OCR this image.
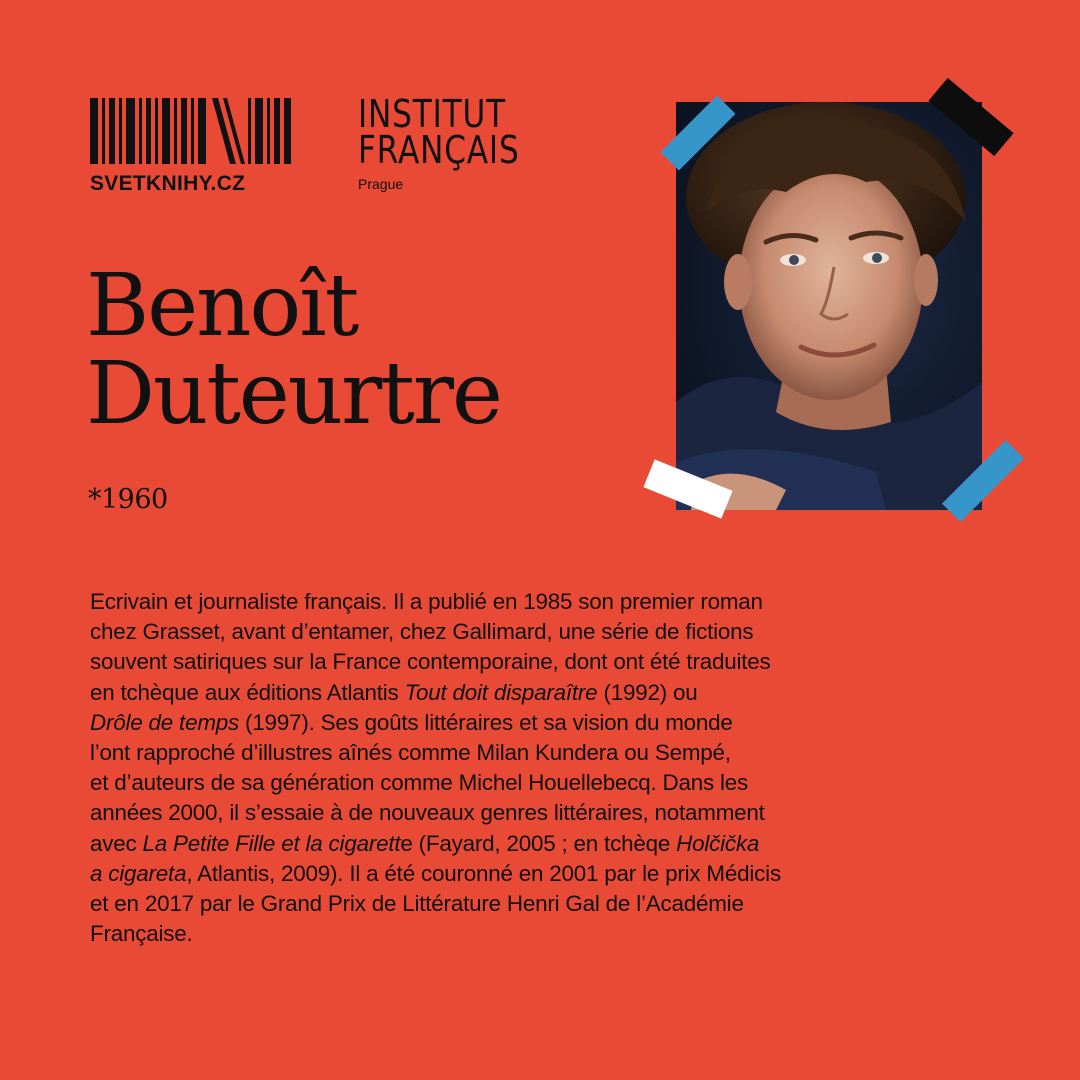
SVETKNIHY.CZ
INSTITUT
FRANÇAIS
Prague
Benoît
Duteurtre
*1960

Ecrivain et journaliste français. Il a publié en 1985 son premier roman
chez Grasset, avant d’entamer, chez Gallimard, une série de fictions
souvent satiriques sur la France contemporaine, dont ont été traduites
en tchèque aux éditions Atlantis Tout doit disparaître (1992) ou
Drôle de temps (1997). Ses goûts littéraires et sa vision du monde
l’ont rapproché d’illustres aînés comme Milan Kundera ou Sempé,
et d’auteurs de sa génération comme Michel Houellebecq. Dans les
années 2000, il s’essaie à de nouveaux genres littéraires, notamment
avec La Petite Fille et la cigarette (Fayard, 2005 ; en tchèqe Holčička
a cigareta, Atlantis, 2009). Il a été couronné en 2001 par le prix Médicis
et en 2017 par le Grand Prix de Littérature Henri Gal de l’Académie
Française.
